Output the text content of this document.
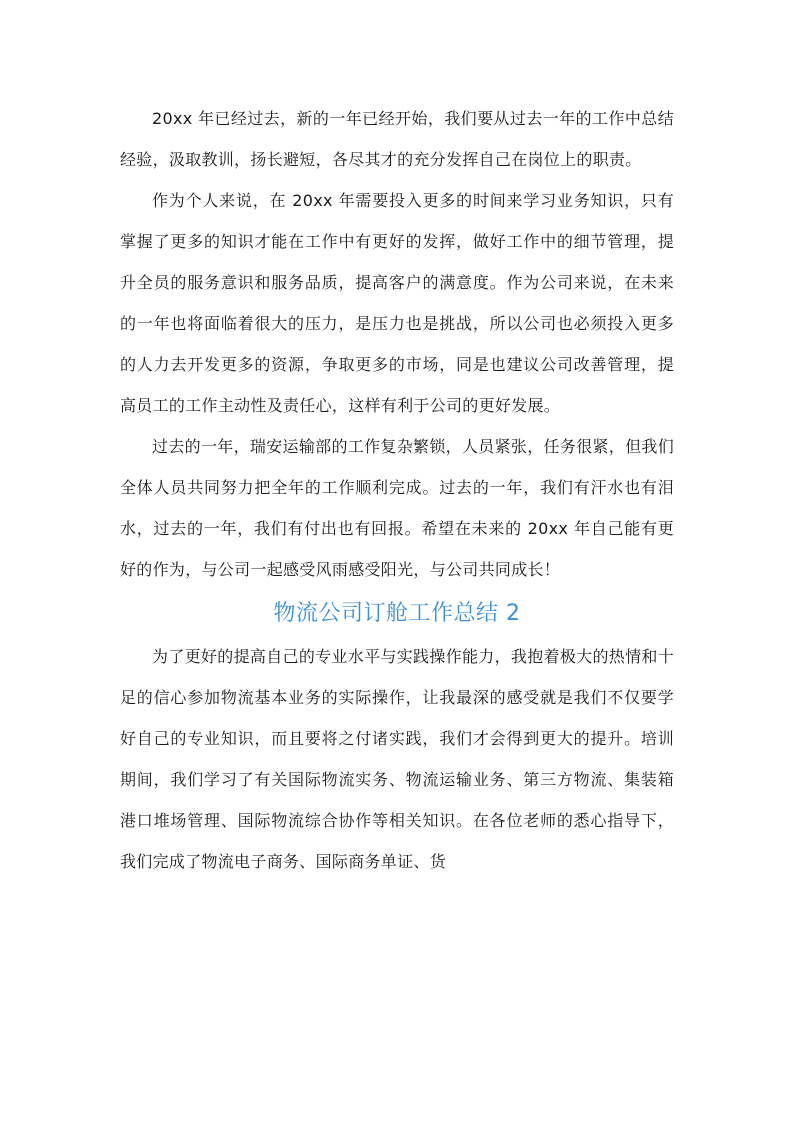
20xx 年已经过去，新的一年已经开始，我们要从过去一年的工作中总结经验，汲取教训，扬长避短，各尽其才的充分发挥自己在岗位上的职责。

作为个人来说，在 20xx 年需要投入更多的时间来学习业务知识，只有掌握了更多的知识才能在工作中有更好的发挥，做好工作中的细节管理，提升全员的服务意识和服务品质，提高客户的满意度。作为公司来说，在未来的一年也将面临着很大的压力，是压力也是挑战，所以公司也必须投入更多的人力去开发更多的资源，争取更多的市场，同是也建议公司改善管理，提高员工的工作主动性及责任心，这样有利于公司的更好发展。

过去的一年，瑞安运输部的工作复杂繁锁，人员紧张，任务很紧，但我们全体人员共同努力把全年的工作顺利完成。过去的一年，我们有汗水也有泪水，过去的一年，我们有付出也有回报。希望在未来的 20xx 年自己能有更好的作为，与公司一起感受风雨感受阳光，与公司共同成长！

物流公司订舱工作总结 2

为了更好的提高自己的专业水平与实践操作能力，我抱着极大的热情和十足的信心参加物流基本业务的实际操作，让我最深的感受就是我们不仅要学好自己的专业知识，而且要将之付诸实践，我们才会得到更大的提升。培训期间，我们学习了有关国际物流实务、物流运输业务、第三方物流、集装箱港口堆场管理、国际物流综合协作等相关知识。在各位老师的悉心指导下，我们完成了物流电子商务、国际商务单证、货
